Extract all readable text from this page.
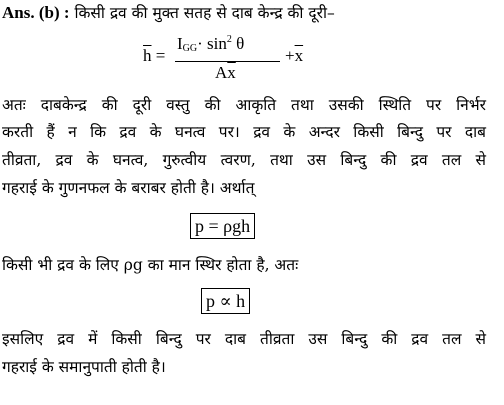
Ans. (b) : किसी द्रव की मुक्त सतह से दाब केन्द्र की दूरी–
$\overline{h}$ =
$I_{GG}\cdot \sin^2 \theta$
$A\overline{x}$
$+\overline{x}$
अतः दाबकेन्द्र की दूरी वस्तु की आकृति तथा उसकी स्थिति पर निर्भर
करती हैं न कि द्रव के घनत्व पर। द्रव के अन्दर किसी बिन्दु पर दाब
तीव्रता, द्रव के घनत्व, गुरुत्वीय त्वरण, तथा उस बिन्दु की द्रव तल से
गहराई के गुणनफल के बराबर होती है। अर्थात्
p = ρgh
किसी भी द्रव के लिए ρg का मान स्थिर होता है, अतः
p ∝ h
इसलिए द्रव में किसी बिन्दु पर दाब तीव्रता उस बिन्दु की द्रव तल से
गहराई के समानुपाती होती है।
